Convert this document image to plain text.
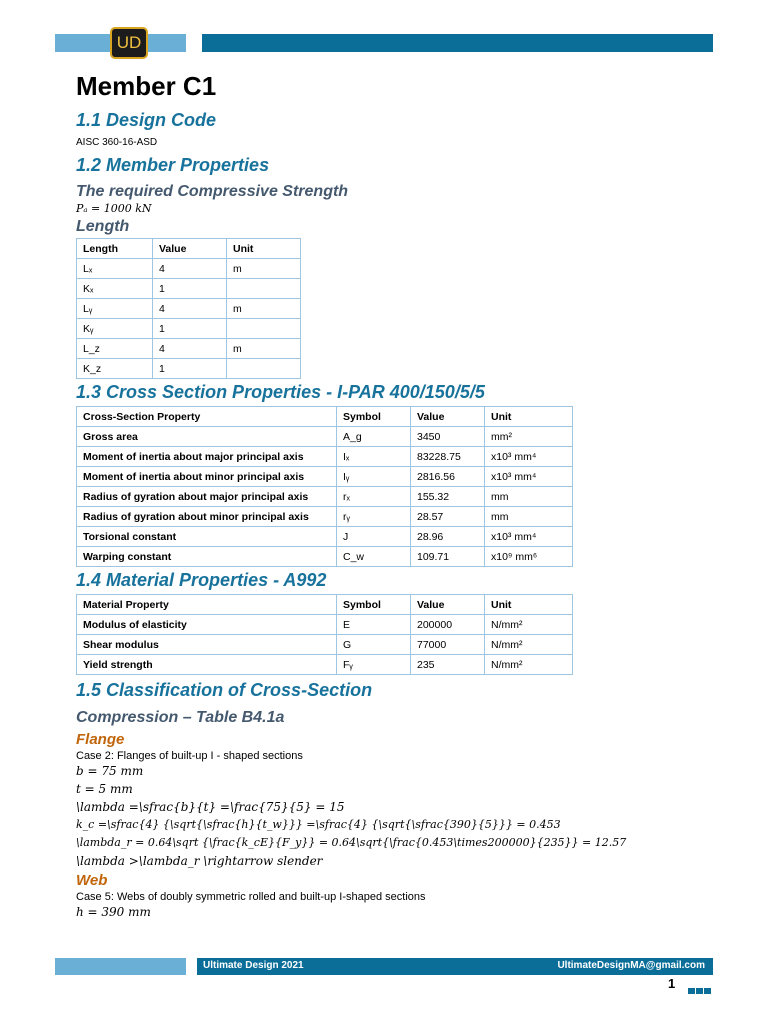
UD
Member C1
1.1 Design Code
AISC 360-16-ASD
1.2 Member Properties
The required Compressive Strength
Pₐ = 1000 kN
Length
Length	Value	Unit
Lₓ	4	m
Kₓ	1	
Lᵧ	4	m
Kᵧ	1	
L_z	4	m
K_z	1	
1.3 Cross Section Properties - I-PAR 400/150/5/5
Cross-Section Property	Symbol	Value	Unit
Gross area	A_g	3450	mm²
Moment of inertia about major principal axis	Iₓ	83228.75	x10³ mm⁴
Moment of inertia about minor principal axis	Iᵧ	2816.56	x10³ mm⁴
Radius of gyration about major principal axis	rₓ	155.32	mm
Radius of gyration about minor principal axis	rᵧ	28.57	mm
Torsional constant	J	28.96	x10³ mm⁴
Warping constant	C_w	109.71	x10⁹ mm⁶
1.4 Material Properties - A992
Material Property	Symbol	Value	Unit
Modulus of elasticity	E	200000	N/mm²
Shear modulus	G	77000	N/mm²
Yield strength	Fᵧ	235	N/mm²
1.5 Classification of Cross-Section
Compression – Table B4.1a
Flange
Case 2: Flanges of built-up I - shaped sections
b = 75 mm
t = 5 mm
\lambda =\sfrac{b}{t} =\frac{75}{5} = 15
k_c =\sfrac{4} {\sqrt{\sfrac{h}{t_w}}} =\sfrac{4} {\sqrt{\sfrac{390}{5}}} = 0.453
\lambda_r = 0.64\sqrt {\frac{k_cE}{F_y}} = 0.64\sqrt{\frac{0.453\times200000}{235}} = 12.57
\lambda >\lambda_r \rightarrow slender
Web
Case 5: Webs of doubly symmetric rolled and built-up I-shaped sections
h = 390 mm
Ultimate Design 2021	UltimateDesignMA@gmail.com
1
